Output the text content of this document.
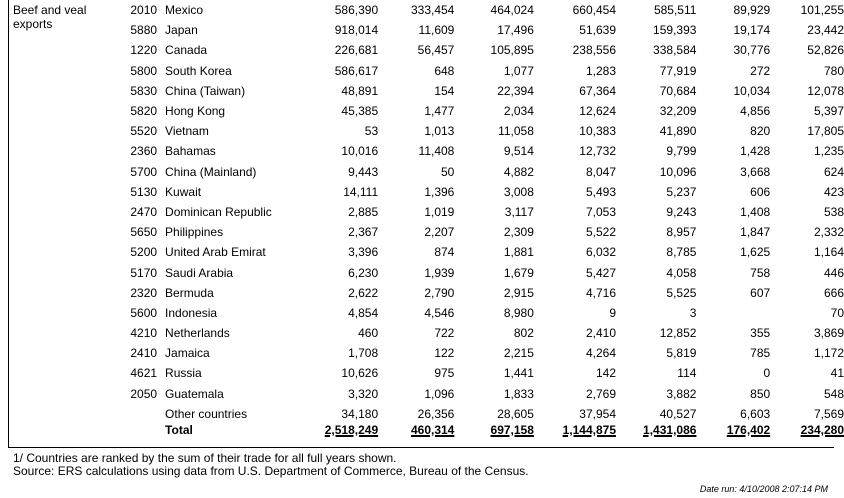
Beef and veal exports
2010	Mexico	586,390	333,454	464,024	660,454	585,511	89,929	101,255
5880	Japan	918,014	11,609	17,496	51,639	159,393	19,174	23,442
1220	Canada	226,681	56,457	105,895	238,556	338,584	30,776	52,826
5800	South Korea	586,617	648	1,077	1,283	77,919	272	780
5830	China (Taiwan)	48,891	154	22,394	67,364	70,684	10,034	12,078
5820	Hong Kong	45,385	1,477	2,034	12,624	32,209	4,856	5,397
5520	Vietnam	53	1,013	11,058	10,383	41,890	820	17,805
2360	Bahamas	10,016	11,408	9,514	12,732	9,799	1,428	1,235
5700	China (Mainland)	9,443	50	4,882	8,047	10,096	3,668	624
5130	Kuwait	14,111	1,396	3,008	5,493	5,237	606	423
2470	Dominican Republic	2,885	1,019	3,117	7,053	9,243	1,408	538
5650	Philippines	2,367	2,207	2,309	5,522	8,957	1,847	2,332
5200	United Arab Emirat	3,396	874	1,881	6,032	8,785	1,625	1,164
5170	Saudi Arabia	6,230	1,939	1,679	5,427	4,058	758	446
2320	Bermuda	2,622	2,790	2,915	4,716	5,525	607	666
5600	Indonesia	4,854	4,546	8,980	9	3		70
4210	Netherlands	460	722	802	2,410	12,852	355	3,869
2410	Jamaica	1,708	122	2,215	4,264	5,819	785	1,172
4621	Russia	10,626	975	1,441	142	114	0	41
2050	Guatemala	3,320	1,096	1,833	2,769	3,882	850	548
	Other countries	34,180	26,356	28,605	37,954	40,527	6,603	7,569
	Total	2,518,249	460,314	697,158	1,144,875	1,431,086	176,402	234,280
1/ Countries are ranked by the sum of their trade for all full years shown.
Source: ERS calculations using data from U.S. Department of Commerce, Bureau of the Census.
Date run: 4/10/2008 2:07:14 PM
